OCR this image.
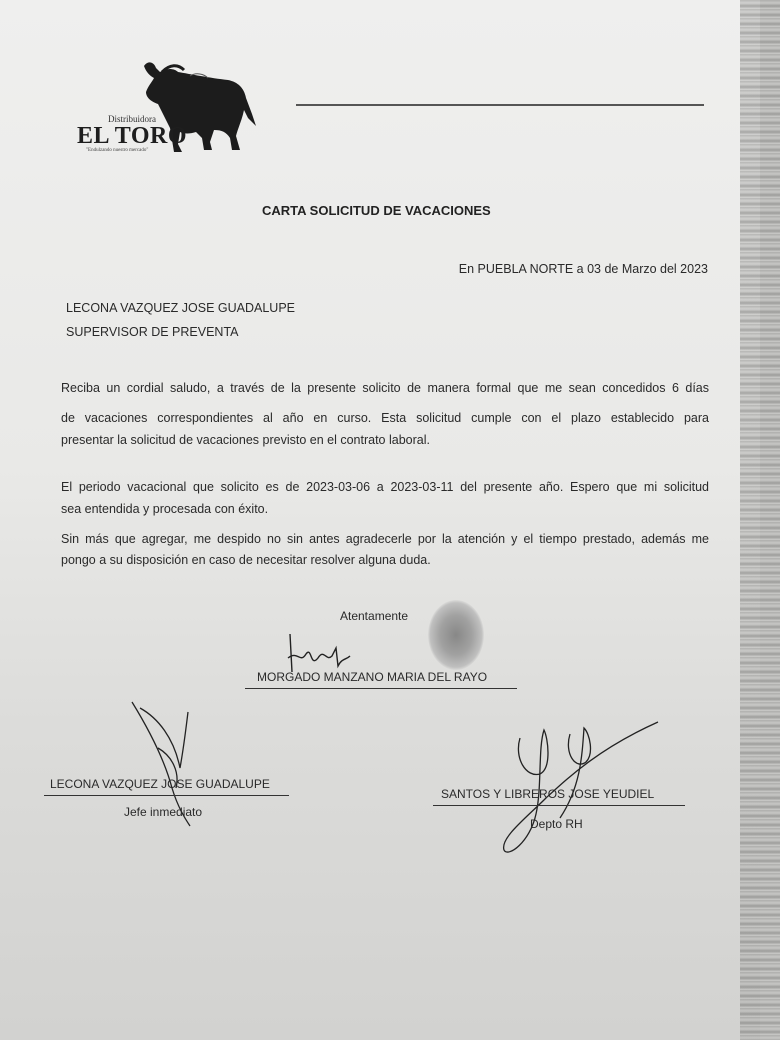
Distribuidora
EL TORO
"Endulzando nuestro mercado"
CARTA SOLICITUD DE VACACIONES
En PUEBLA NORTE a 03 de Marzo del 2023
LECONA VAZQUEZ JOSE GUADALUPE
SUPERVISOR DE PREVENTA
Reciba un cordial saludo, a través de la presente solicito de manera formal que me sean concedidos 6 días
de vacaciones correspondientes al año en curso. Esta solicitud cumple con el plazo establecido para
presentar la solicitud de vacaciones previsto en el contrato laboral.
El periodo vacacional que solicito es de 2023-03-06 a 2023-03-11 del presente año. Espero que mi solicitud
sea entendida y procesada con éxito.
Sin más que agregar, me despido no sin antes agradecerle por la atención y el tiempo prestado, además me
pongo a su disposición en caso de necesitar resolver alguna duda.
Atentamente
MORGADO MANZANO MARIA DEL RAYO
LECONA VAZQUEZ JOSE GUADALUPE
Jefe inmediato
SANTOS Y LIBREROS JOSE YEUDIEL
Depto RH
